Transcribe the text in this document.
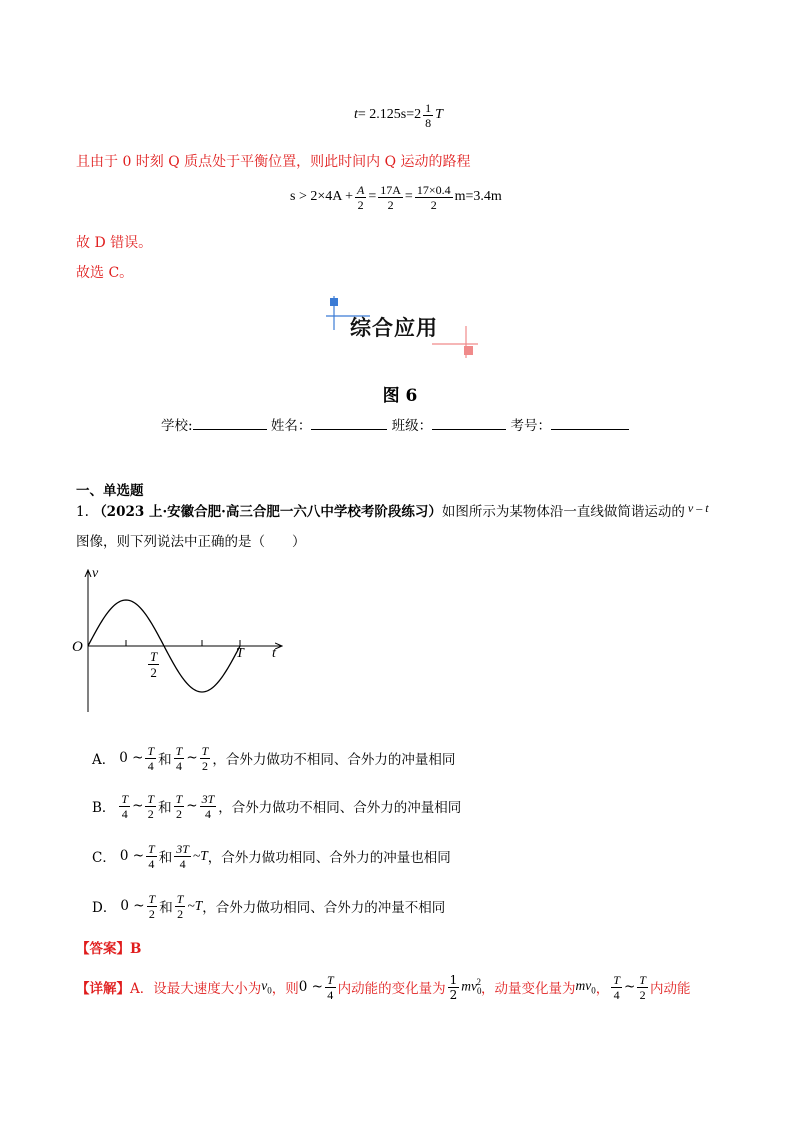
$t = 2.125s=2 \frac{1}{8}$ T
且由于 0 时刻 Q 质点处于平衡位置，则此时间内 Q 运动的路程
$s > 2\times 4A + \frac{A}{2} = \frac{17A}{2} = \frac{17\times 0.4}{2} m=3.4m$
故 D 错误。
故选 C。
综合应用
图 6
学校:	姓名：	班级：	考号：
一、单选题
1. （2023 上·安徽合肥·高三合肥一六八中学校考阶段练习）如图所示为某物体沿一直线做简谐运动的 v – t
图像，则下列说法中正确的是（　　）
v
t
O
$\frac{T}{2}$	T
A． 0 ~ $\frac{T}{4}$ 和 $\frac{T}{4}$ ~ $\frac{T}{2}$ ，合外力做功不相同、合外力的冲量相同
B． $\frac{T}{4}$ ~ $\frac{T}{2}$ 和 $\frac{T}{2}$ ~ $\frac{3T}{4}$ ，合外力做功不相同、合外力的冲量相同
C． 0 ~ $\frac{T}{4}$ 和 $\frac{3T}{4}$ ~T ，合外力做功相同、合外力的冲量也相同
D． 0 ~ $\frac{T}{2}$ 和 $\frac{T}{2}$ ~T ，合外力做功相同、合外力的冲量不相同
【答案】B
【详解】 A．设最大速度大小为 $v_0$ ，则 0 ~ $\frac{T}{4}$ 内动能的变化量为 $\frac{1}{2} mv_0^2$ ，动量变化量为 $mv_0$ ， $\frac{T}{4}$ ~ $\frac{T}{2}$ 内动能
